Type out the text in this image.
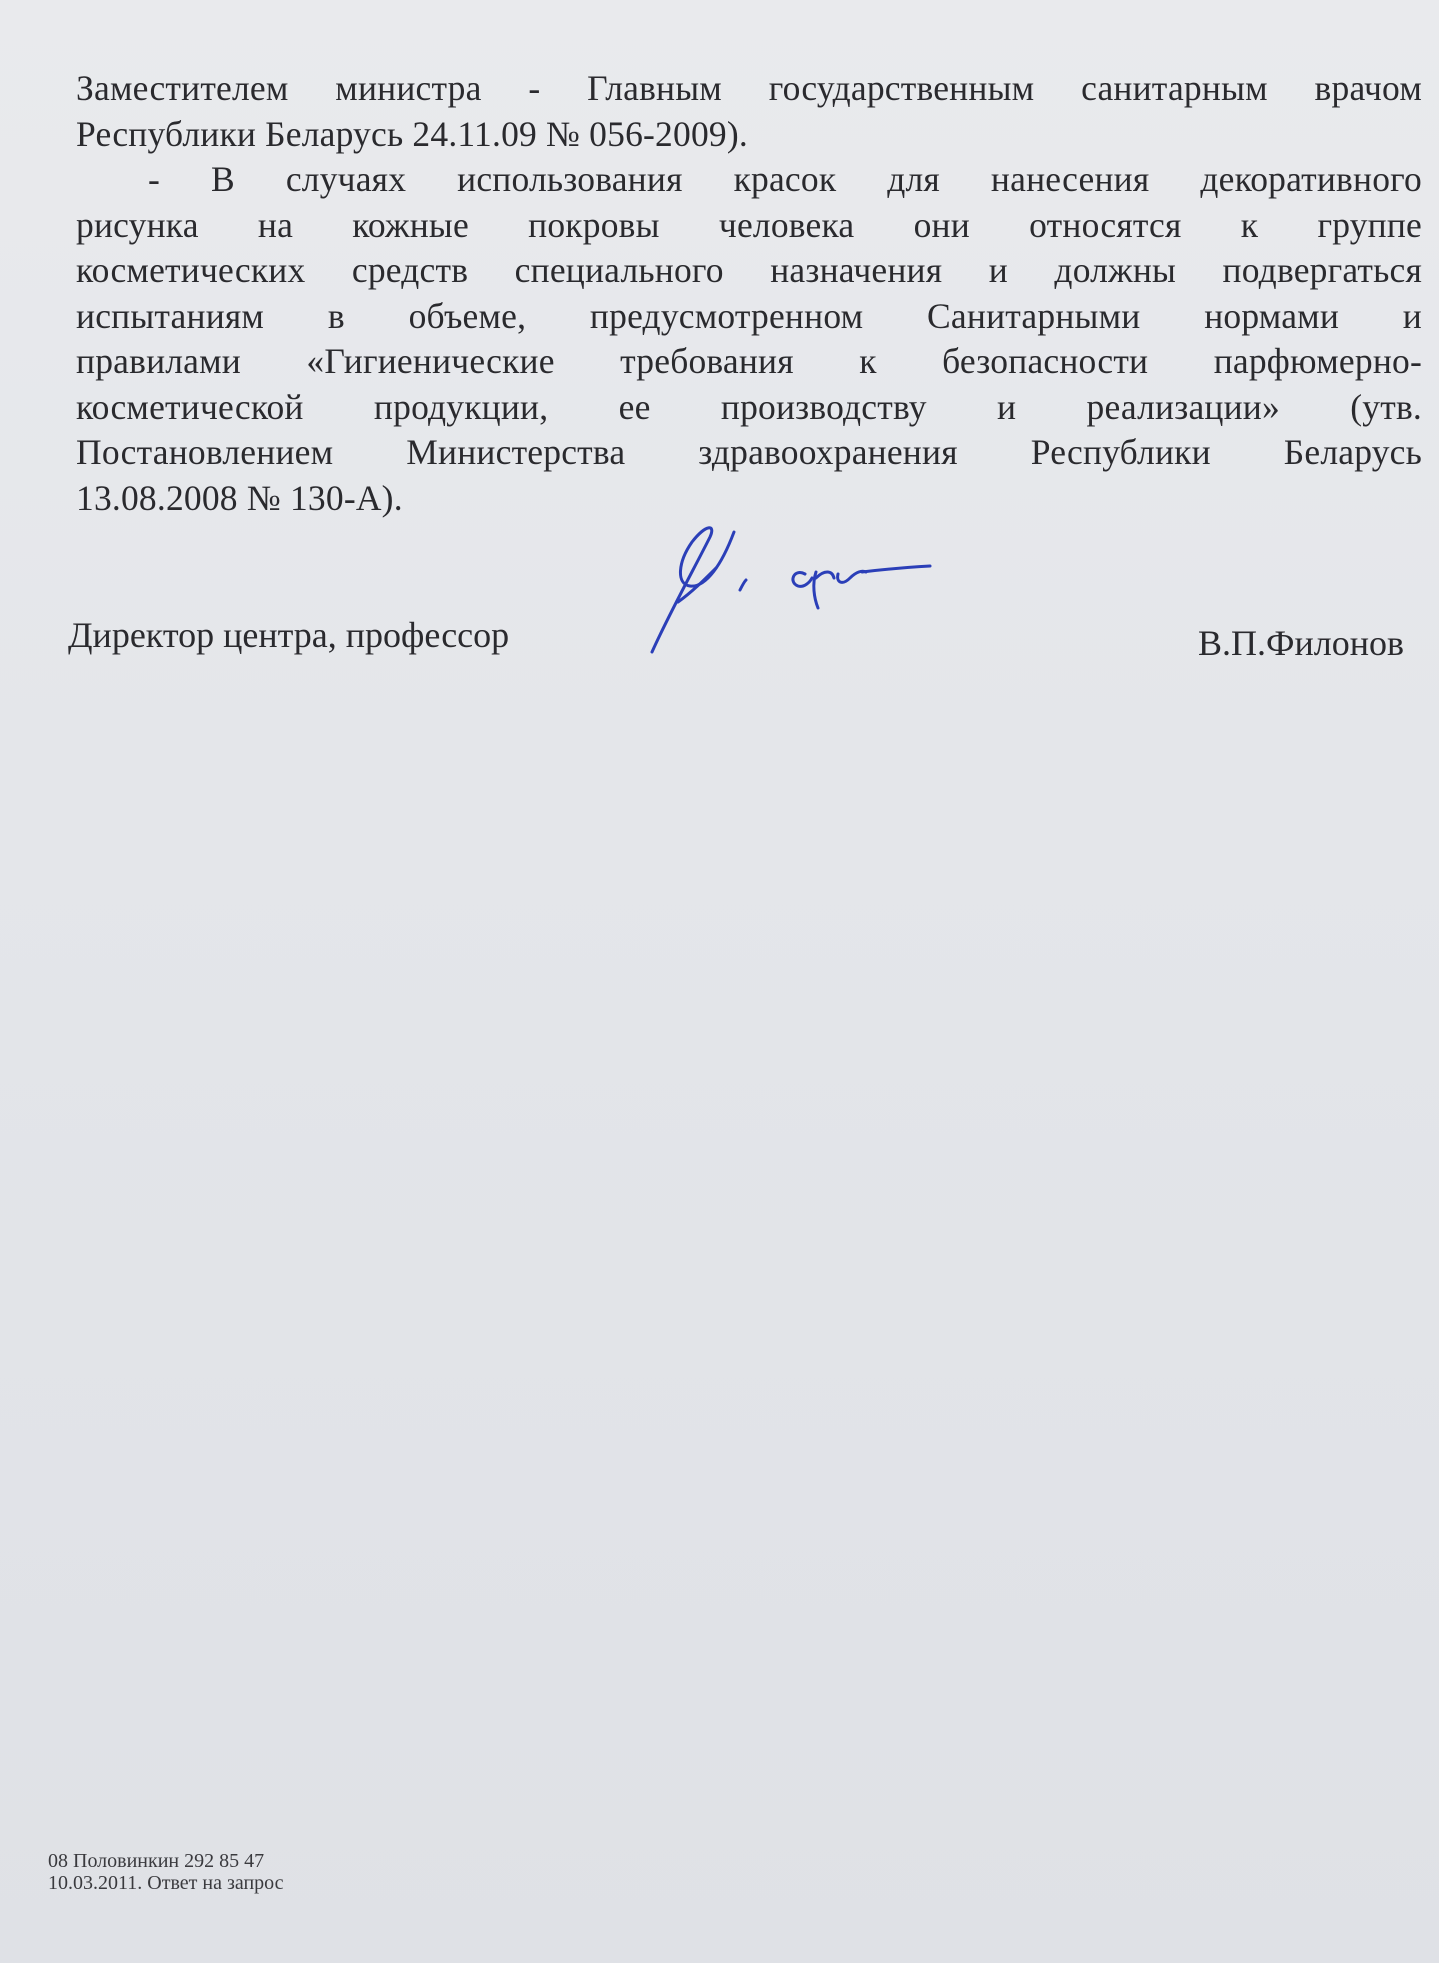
Заместителем министра - Главным государственным санитарным врачом
Республики Беларусь 24.11.09 № 056-2009).
- В случаях использования красок для нанесения декоративного
рисунка на кожные покровы человека они относятся к группе
косметических средств специального назначения и должны подвергаться
испытаниям в объеме, предусмотренном Санитарными нормами и
правилами «Гигиенические требования к безопасности парфюмерно-
косметической продукции, ее производству и реализации» (утв.
Постановлением Министерства здравоохранения Республики Беларусь
13.08.2008 № 130-А).
Директор центра, профессор	В.П.Филонов
08 Половинкин 292 85 47
10.03.2011. Ответ на запрос
